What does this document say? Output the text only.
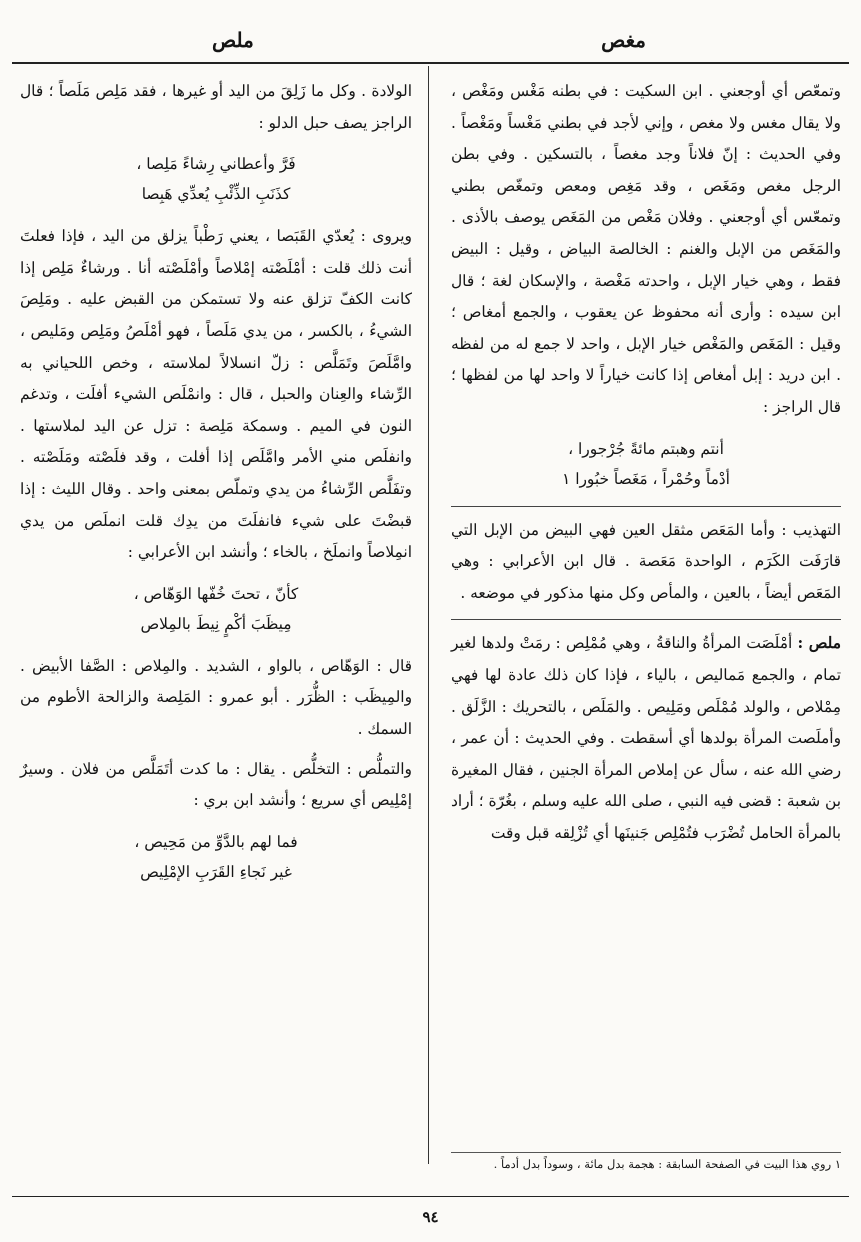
مغص
ملص

وتمعّص أي أوجعني . ابن السكيت : في بطنه مَغْس ومَغْص ، ولا يقال مغس ولا مغص ، وإني لأجد في بطني مَغْساً ومَغْصاً . وفي الحديث : إنّ فلاناً وجد مغصاً ، بالتسكين . وفي بطن الرجل مغص ومَغَص ، وقد مَغِص ومعص وتمغّص بطني وتمعّس أي أوجعني . وفلان مَغْص من المَغَص يوصف بالأذى . والمَغَص من الإبل والغنم : الخالصة البياض ، وقيل : البيض فقط ، وهي خيار الإبل ، واحدته مَغْصة ، والإسكان لغة ؛ قال ابن سيده : وأرى أنه محفوظ عن يعقوب ، والجمع أمغاص ؛ وقيل : المَغَص والمَغْص خيار الإبل ، واحد لا جمع له من لفظه . ابن دريد : إبل أمغاص إذا كانت خياراً لا واحد لها من لفظها ؛ قال الراجز :

أنتم وهبتم مائةً جُرْجورا ،
أدْماً وحُمْراً ، مَغَصاً خبُورا ١

التهذيب : وأما المَعَص مثقل العين فهي البيض من الإبل التي قارَفَت الكَرَم ، الواحدة مَعَصة . قال ابن الأعرابي : وهي المَعَص أيضاً ، بالعين ، والمأص وكل منها مذكور في موضعه .

ملص : أمْلَصَت المرأةُ والناقةُ ، وهي مُمْلِص : رمَتْ ولدها لغير تمام ، والجمع مَماليص ، بالياء ، فإذا كان ذلك عادة لها فهي مِمْلاص ، والولد مُمْلَص ومَلِيص . والمَلَص ، بالتحريك : الزَّلَق . وأملَصت المرأة بولدها أي أسقطت . وفي الحديث : أن عمر ، رضي الله عنه ، سأل عن إملاص المرأة الجنين ، فقال المغيرة بن شعبة : قضى فيه النبي ، صلى الله عليه وسلم ، بغُرّة ؛ أراد بالمرأة الحامل تُضْرَب فتُمْلِص جَنينَها أي تُزْلِقه قبل وقت

الولادة . وكل ما زَلِقَ من اليد أو غيرها ، فقد مَلِص مَلَصاً ؛ قال الراجز يصف حبل الدلو :

فَرَّ وأعطاني رِشاءً مَلِصا ،
كذَنَبِ الذِّئْبِ يُعدِّي هَبِصا

ويروى : يُعدّي القَبَصا ، يعني رَطْباً يزلق من اليد ، فإذا فعلتَ أنت ذلك قلت : أمْلَصْته إمْلاصاً وأمْلَصْته أنا . ورشاءٌ مَلِص إذا كانت الكفّ تزلق عنه ولا تستمكن من القبض عليه . ومَلِصَ الشيءُ ، بالكسر ، من يدي مَلَصاً ، فهو أمْلَصُ ومَلِص ومَليص ، وامَّلَصَ وتَمَلَّص : زلّ انسلالاً لملاسته ، وخص اللحياني به الرِّشاء والعِنان والحبل ، قال : وانمْلَص الشيء أفلَت ، وتدغم النون في الميم . وسمكة مَلِصة : تزل عن اليد لملاستها . وانفلَص مني الأمر وامَّلَص إذا أفلت ، وقد فلَصْته ومَلَصْته . وتفَلَّص الرِّشاءُ من يدي وتملّص بمعنى واحد . وقال الليث : إذا قبضْتَ على شيء فانفلَتَ من يدِك قلت انملَص من يدي انمِلاصاً وانملَخ ، بالخاء ؛ وأنشد ابن الأعرابي :

كأنّ ، تحتَ خُفّها الوَهّاص ،
مِيظَبَ أكْمٍ نِيطَ بالمِلاص

قال : الوَهّاص ، بالواو ، الشديد . والمِلاص : الصَّفا الأبيض . والمِيظَب : الظُّرَر . أبو عمرو : المَلِصة والزالحة الأطوم من السمك .

والتملُّص : التخلُّص . يقال : ما كدت أتَمَلَّص من فلان . وسيرٌ إمْلِيص أي سريع ؛ وأنشد ابن بري :

فما لهم بالدَّوِّ من مَحِيص ،
غير نَجاءِ القَرَبِ الإمْلِيص
١ روي هذا البيت في الصفحة السابقة : هجمة بدل مائة ، وسوداً بدل أدماً .
٩٤
